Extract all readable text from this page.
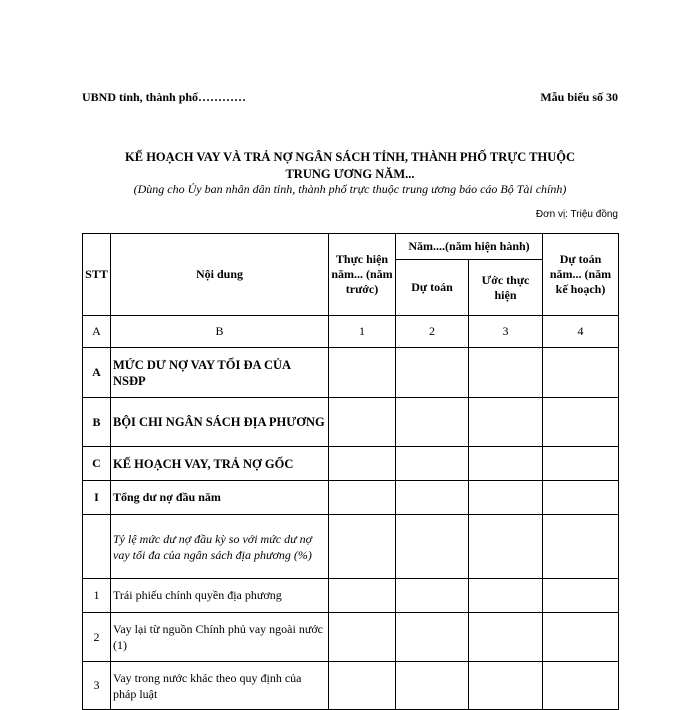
UBND tỉnh, thành phố…………	Mẫu biểu số 30
KẾ HOẠCH VAY VÀ TRẢ NỢ NGÂN SÁCH TỈNH, THÀNH PHỐ TRỰC THUỘC
TRUNG ƯƠNG NĂM...
(Dùng cho Ủy ban nhân dân tỉnh, thành phố trực thuộc trung ương báo cáo Bộ Tài chính)
Đơn vị: Triệu đồng
STT	Nội dung	Thực hiện năm... (năm trước)	Năm....(năm hiện hành)		Dự toán năm... (năm kế hoạch)
			Dự toán	Ước thực hiện	
A	B	1	2	3	4
A	MỨC DƯ NỢ VAY TỐI ĐA CỦA NSĐP				
B	BỘI CHI NGÂN SÁCH ĐỊA PHƯƠNG				
C	KẾ HOẠCH VAY, TRẢ NỢ GỐC				
I	Tổng dư nợ đầu năm				
	Tỷ lệ mức dư nợ đầu kỳ so với mức dư nợ vay tối đa của ngân sách địa phương (%)				
1	Trái phiếu chính quyền địa phương				
2	Vay lại từ nguồn Chính phủ vay ngoài nước (1)				
3	Vay trong nước khác theo quy định của pháp luật				
